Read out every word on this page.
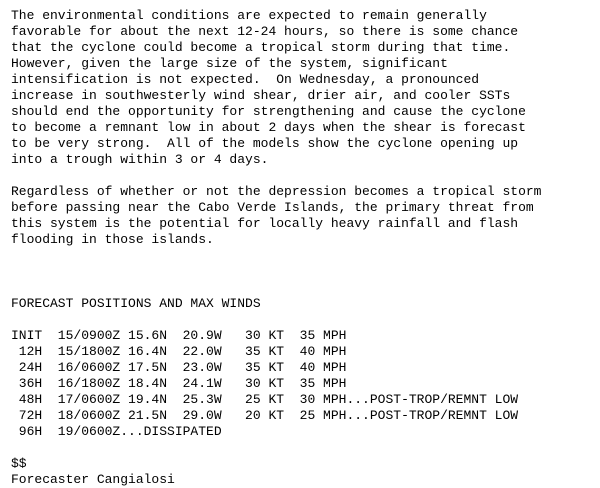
The environmental conditions are expected to remain generally
favorable for about the next 12-24 hours, so there is some chance
that the cyclone could become a tropical storm during that time.
However, given the large size of the system, significant
intensification is not expected.  On Wednesday, a pronounced
increase in southwesterly wind shear, drier air, and cooler SSTs
should end the opportunity for strengthening and cause the cyclone
to become a remnant low in about 2 days when the shear is forecast
to be very strong.  All of the models show the cyclone opening up
into a trough within 3 or 4 days.
Regardless of whether or not the depression becomes a tropical storm
before passing near the Cabo Verde Islands, the primary threat from
this system is the potential for locally heavy rainfall and flash
flooding in those islands.
FORECAST POSITIONS AND MAX WINDS
INIT  15/0900Z 15.6N  20.9W   30 KT  35 MPH
12H  15/1800Z 16.4N  22.0W   35 KT  40 MPH
24H  16/0600Z 17.5N  23.0W   35 KT  40 MPH
36H  16/1800Z 18.4N  24.1W   30 KT  35 MPH
48H  17/0600Z 19.4N  25.3W   25 KT  30 MPH...POST-TROP/REMNT LOW
72H  18/0600Z 21.5N  29.0W   20 KT  25 MPH...POST-TROP/REMNT LOW
96H  19/0600Z...DISSIPATED
$$
Forecaster Cangialosi
